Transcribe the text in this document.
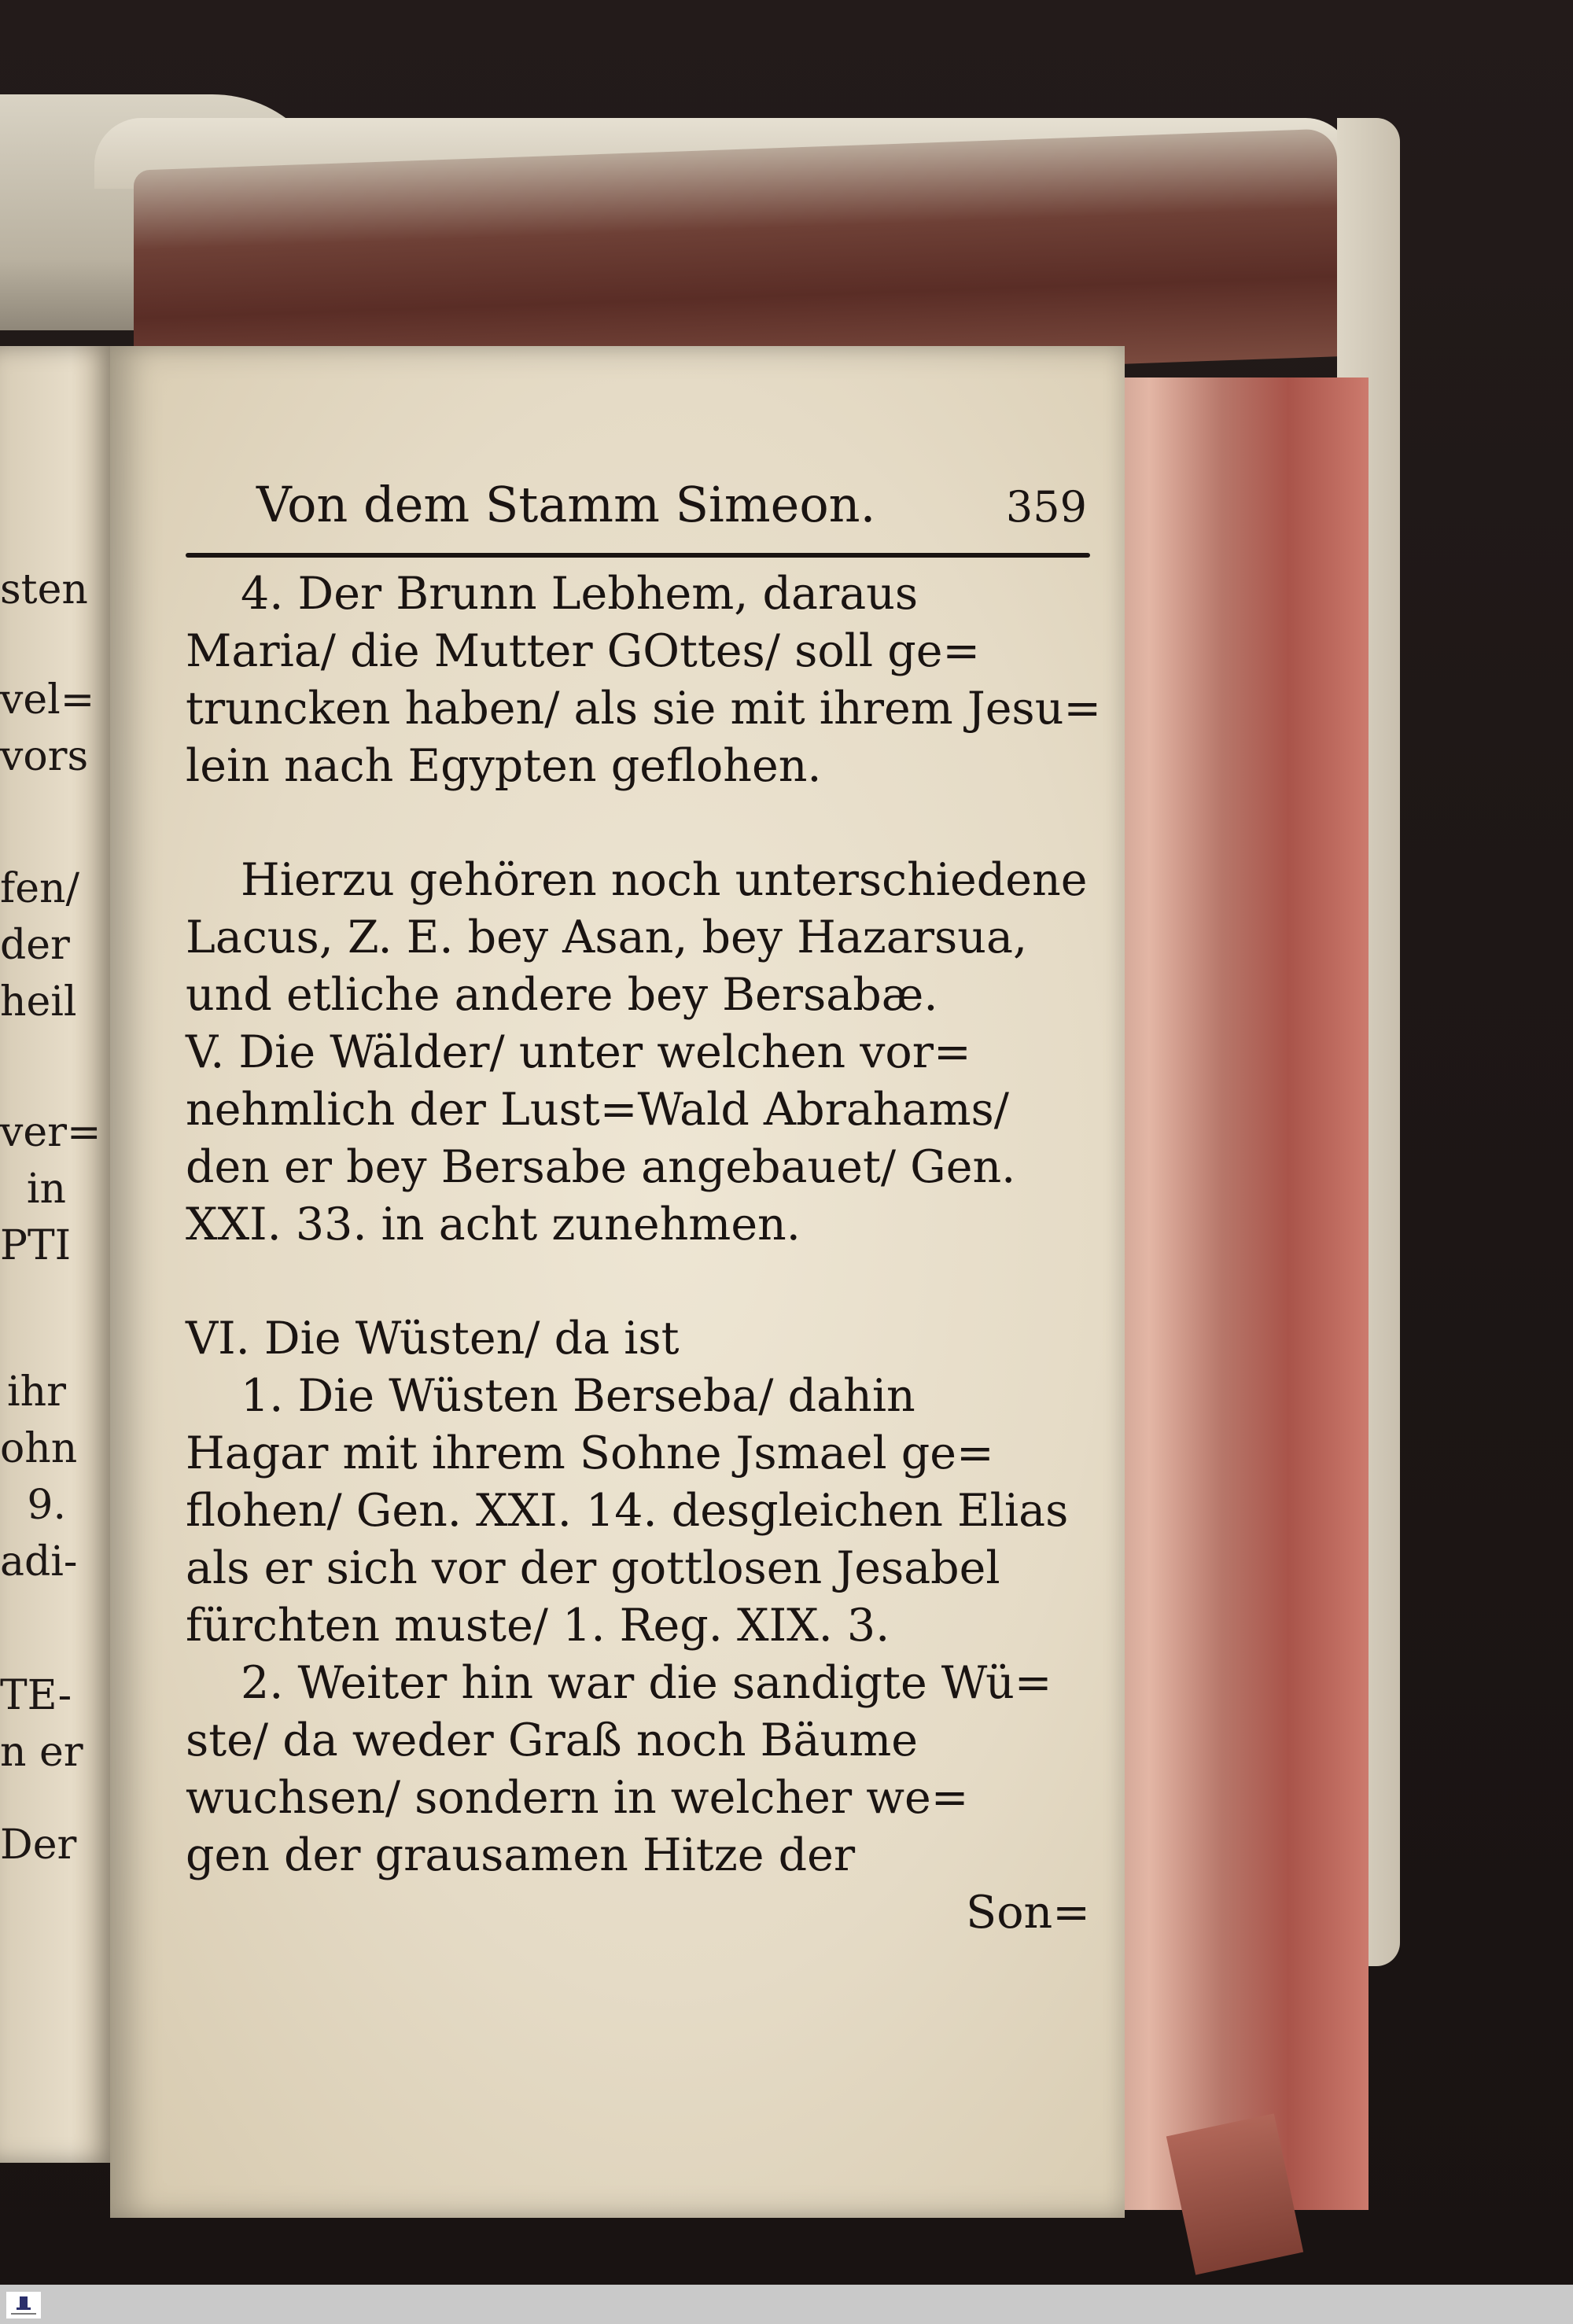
sten
vel=
vors
fen/
der
heil
ver=
in
PTI
ihr
ohn
9.
adi-
TE-
n er
Der
Von dem Stamm Simeon.	359
4. Der Brunn Lebhem, daraus
Maria/ die Mutter GOttes/ soll ge=
truncken haben/ als sie mit ihrem Jesu=
lein nach Egypten geflohen.
Hierzu gehören noch unterschiedene
Lacus, Z. E. bey Asan, bey Hazarsua,
und etliche andere bey Bersabæ.
V. Die Wälder/ unter welchen vor=
nehmlich der Lust=Wald Abrahams/
den er bey Bersabe angebauet/ Gen.
XXI. 33. in acht zunehmen.
VI. Die Wüsten/ da ist
1. Die Wüsten Berseba/ dahin
Hagar mit ihrem Sohne Jsmael ge=
flohen/ Gen. XXI. 14. desgleichen Elias
als er sich vor der gottlosen Jesabel
fürchten muste/ 1. Reg. XIX. 3.
2. Weiter hin war die sandigte Wü=
ste/ da weder Graß noch Bäume
wuchsen/ sondern in welcher we=
gen der grausamen Hitze der
Son=
